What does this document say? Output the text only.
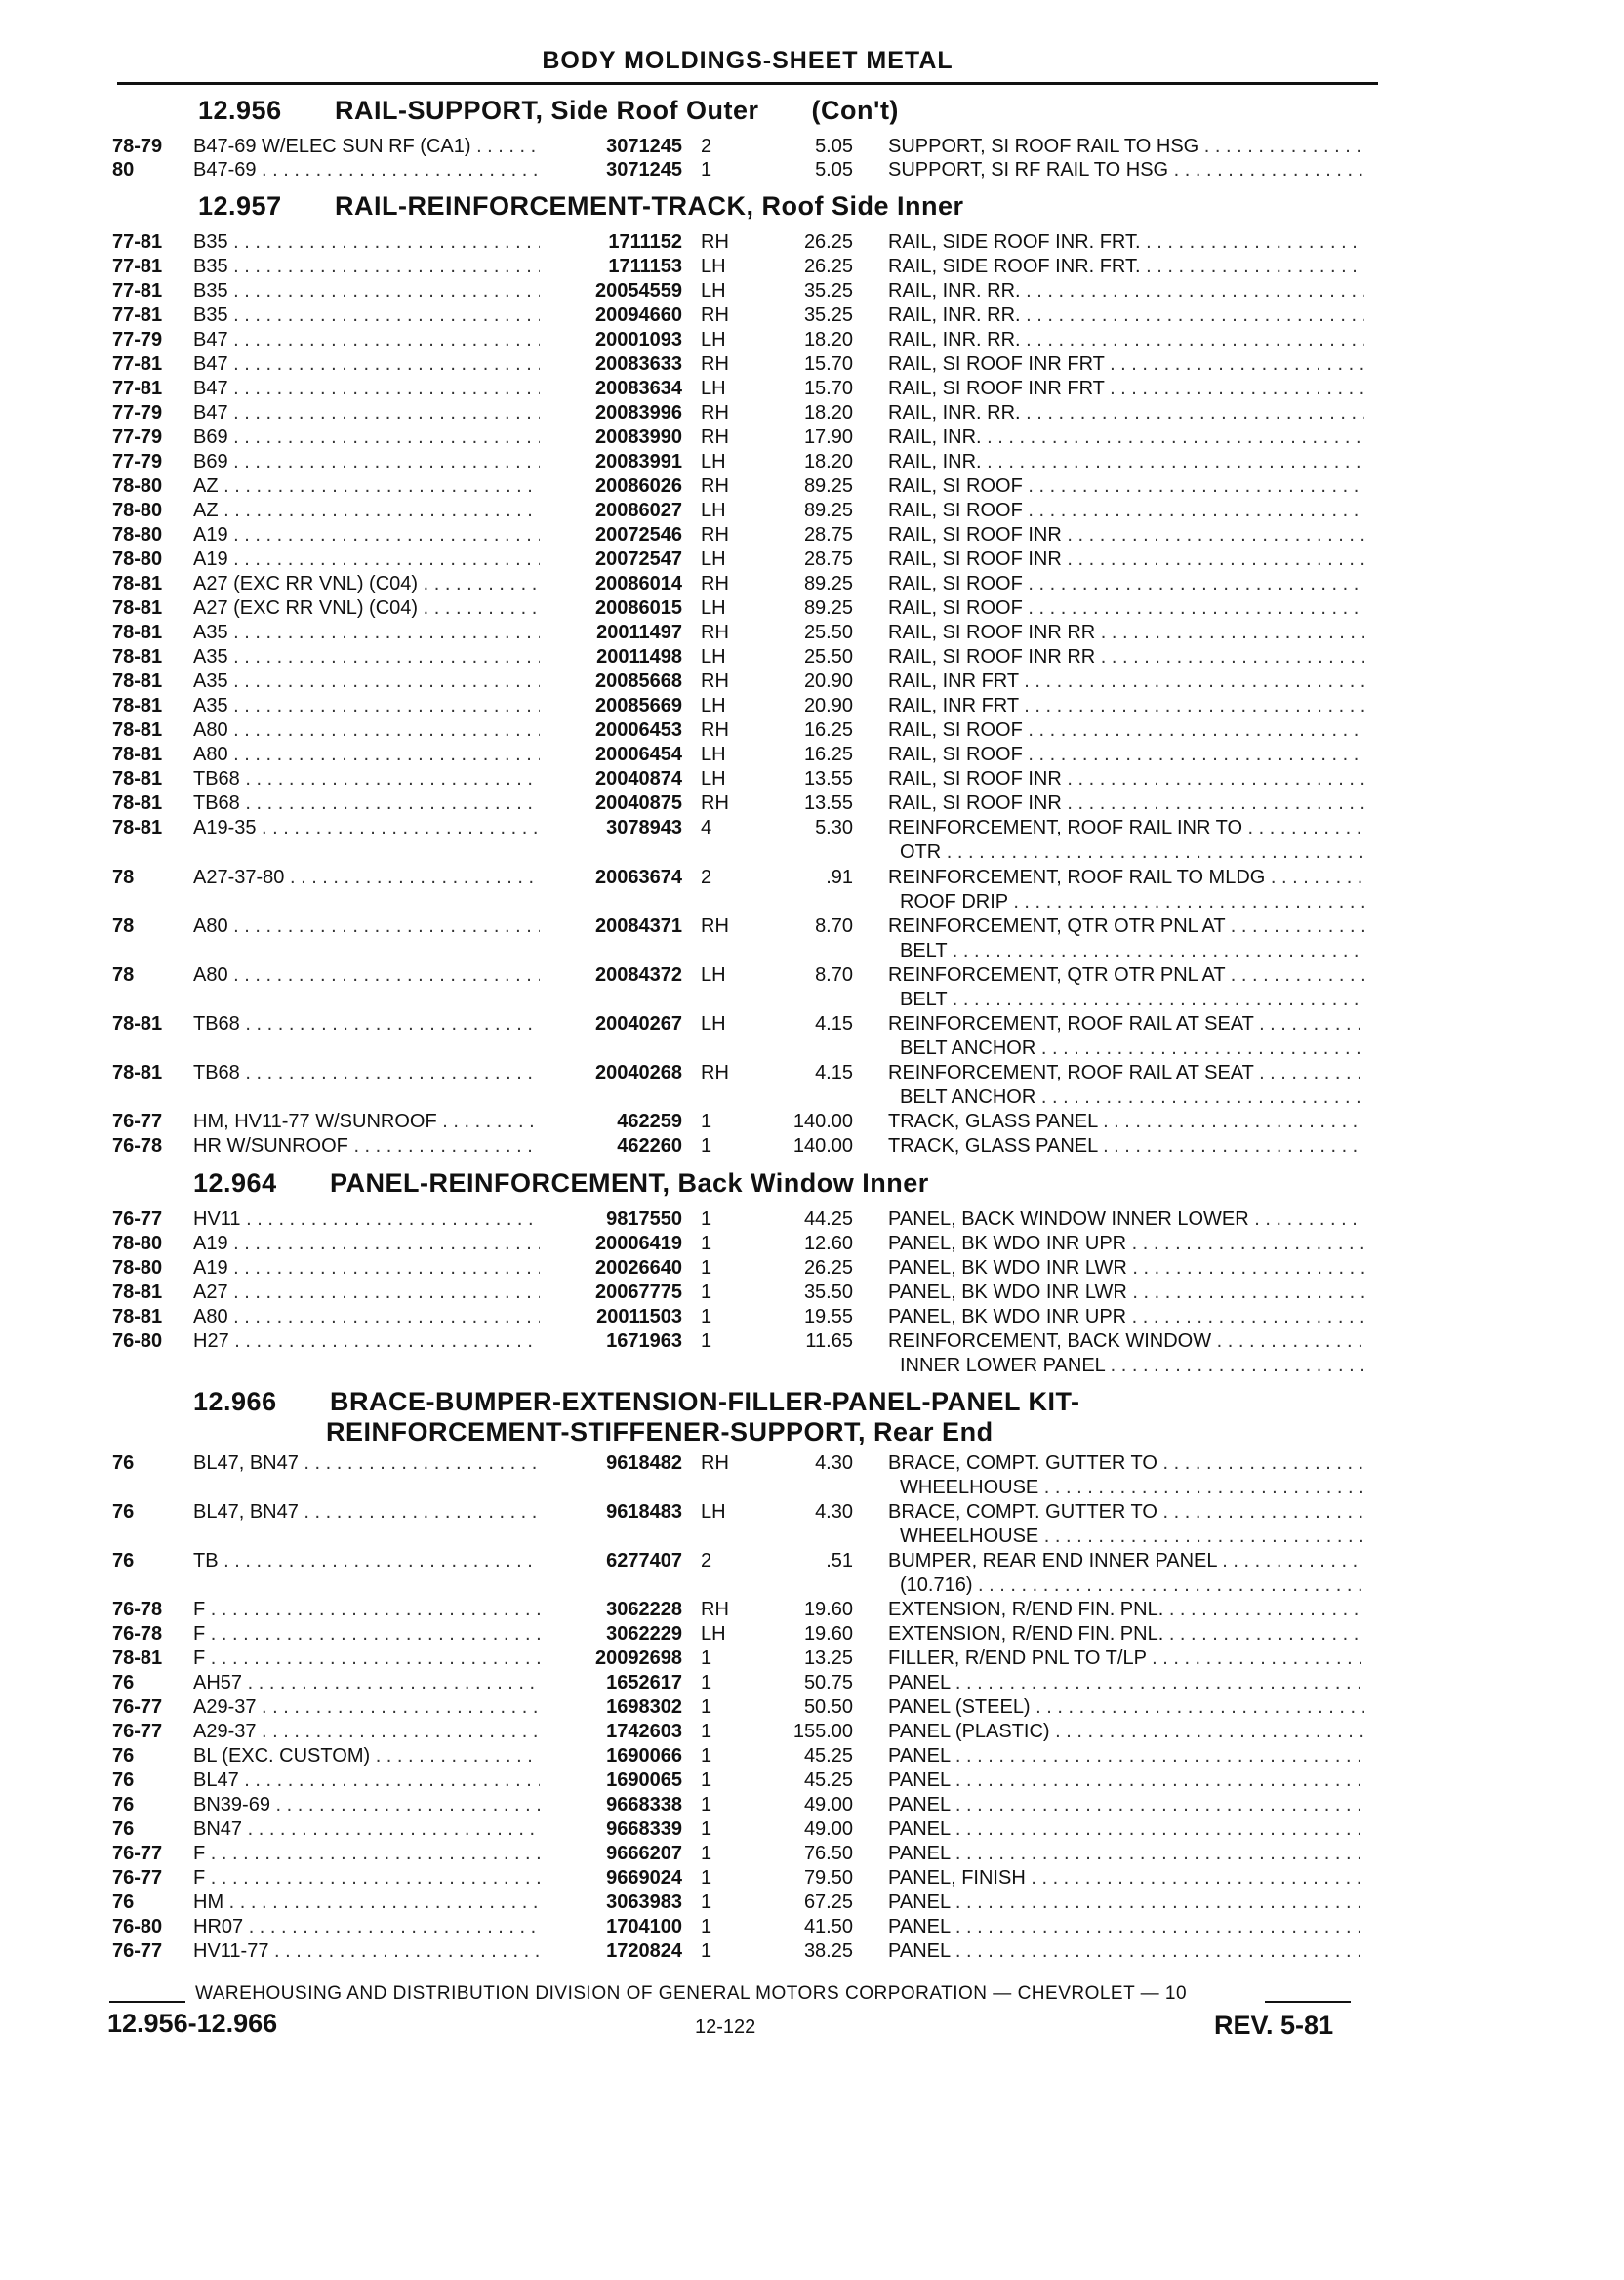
BODY MOLDINGS-SHEET METAL
12.956 RAIL-SUPPORT, Side Roof Outer (Con't)
12.957 RAIL-REINFORCEMENT-TRACK, Roof Side Inner
12.964 PANEL-REINFORCEMENT, Back Window Inner
12.966 BRACE-BUMPER-EXTENSION-FILLER-PANEL-PANEL KIT-
REINFORCEMENT-STIFFENER-SUPPORT, Rear End
78-79 B47-69 W/ELEC SUN RF (CA1) . . .	3071245 2	5.05 SUPPORT, SI ROOF RAIL TO HSG . . .
80	B47-69 . . .	3071245 1	5.05 SUPPORT, SI RF RAIL TO HSG . . .
77-81 B35 . . .	1711152 RH	26.25 RAIL, SIDE ROOF INR. FRT. . . .
77-81 B35 . . .	1711153 LH	26.25 RAIL, SIDE ROOF INR. FRT. . . .
77-81 B35 . . .	20054559 LH	35.25 RAIL, INR. RR. . . .
77-81 B35 . . .	20094660 RH	35.25 RAIL, INR. RR. . . .
77-79 B47 . . .	20001093 LH	18.20 RAIL, INR. RR. . . .
77-81 B47 . . .	20083633 RH	15.70 RAIL, SI ROOF INR FRT . . .
77-81 B47 . . .	20083634 LH	15.70 RAIL, SI ROOF INR FRT . . .
77-79 B47 . . .	20083996 RH	18.20 RAIL, INR. RR. . . .
77-79 B69 . . .	20083990 RH	17.90 RAIL, INR. . . .
77-79 B69 . . .	20083991 LH	18.20 RAIL, INR. . . .
78-80 AZ . . .	20086026 RH	89.25 RAIL, SI ROOF . . .
78-80 AZ . . .	20086027 LH	89.25 RAIL, SI ROOF . . .
78-80 A19 . . .	20072546 RH	28.75 RAIL, SI ROOF INR . . .
78-80 A19 . . .	20072547 LH	28.75 RAIL, SI ROOF INR . . .
78-81 A27 (EXC RR VNL) (C04) . . .	20086014 RH	89.25 RAIL, SI ROOF . . .
78-81 A27 (EXC RR VNL) (C04) . . .	20086015 LH	89.25 RAIL, SI ROOF . . .
78-81 A35 . . .	20011497 RH	25.50 RAIL, SI ROOF INR RR . . .
78-81 A35 . . .	20011498 LH	25.50 RAIL, SI ROOF INR RR . . .
78-81 A35 . . .	20085668 RH	20.90 RAIL, INR FRT . . .
78-81 A35 . . .	20085669 LH	20.90 RAIL, INR FRT . . .
78-81 A80 . . .	20006453 RH	16.25 RAIL, SI ROOF . . .
78-81 A80 . . .	20006454 LH	16.25 RAIL, SI ROOF . . .
78-81 TB68 . . .	20040874 LH	13.55 RAIL, SI ROOF INR . . .
78-81 TB68 . . .	20040875 RH	13.55 RAIL, SI ROOF INR . . .
78-81 A19-35 . . .	3078943 4	5.30 REINFORCEMENT, ROOF RAIL INR TO . . .
OTR . . .
78	A27-37-80 . . .	20063674 2	.91 REINFORCEMENT, ROOF RAIL TO MLDG . . .
ROOF DRIP . . .
78	A80 . . .	20084371 RH	8.70 REINFORCEMENT, QTR OTR PNL AT . . .
BELT . . .
78	A80 . . .	20084372 LH	8.70 REINFORCEMENT, QTR OTR PNL AT . . .
BELT . . .
78-81 TB68 . . .	20040267 LH	4.15 REINFORCEMENT, ROOF RAIL AT SEAT . . .
BELT ANCHOR . . .
78-81 TB68 . . .	20040268 RH	4.15 REINFORCEMENT, ROOF RAIL AT SEAT . . .
BELT ANCHOR . . .
76-77 HM, HV11-77 W/SUNROOF . . .	462259 1	140.00 TRACK, GLASS PANEL . . .
76-78 HR W/SUNROOF . . .	462260 1	140.00 TRACK, GLASS PANEL . . .
76-77 HV11 . . .	9817550 1	44.25 PANEL, BACK WINDOW INNER LOWER . . .
78-80 A19 . . .	20006419 1	12.60 PANEL, BK WDO INR UPR . . .
78-80 A19 . . .	20026640 1	26.25 PANEL, BK WDO INR LWR . . .
78-81 A27 . . .	20067775 1	35.50 PANEL, BK WDO INR LWR . . .
78-81 A80 . . .	20011503 1	19.55 PANEL, BK WDO INR UPR . . .
76-80 H27 . . .	1671963 1	11.65 REINFORCEMENT, BACK WINDOW . . .
INNER LOWER PANEL . . .
76	BL47, BN47 . . .	9618482 RH	4.30 BRACE, COMPT. GUTTER TO . . .
WHEELHOUSE . . .
76	BL47, BN47 . . .	9618483 LH	4.30 BRACE, COMPT. GUTTER TO . . .
WHEELHOUSE . . .
76	TB . . .	6277407 2	.51 BUMPER, REAR END INNER PANEL . . .
(10.716) . . .
76-78 F . . .	3062228 RH	19.60 EXTENSION, R/END FIN. PNL. . . .
76-78 F . . .	3062229 LH	19.60 EXTENSION, R/END FIN. PNL. . . .
78-81 F . . .	20092698 1	13.25 FILLER, R/END PNL TO T/LP . . .
76	AH57 . . .	1652617 1	50.75 PANEL . . .
76-77 A29-37 . . .	1698302 1	50.50 PANEL (STEEL) . . .
76-77 A29-37 . . .	1742603 1	155.00 PANEL (PLASTIC) . . .
76	BL (EXC. CUSTOM) . . .	1690066 1	45.25 PANEL . . .
76	BL47 . . .	1690065 1	45.25 PANEL . . .
76	BN39-69 . . .	9668338 1	49.00 PANEL . . .
76	BN47 . . .	9668339 1	49.00 PANEL . . .
76-77 F . . .	9666207 1	76.50 PANEL . . .
76-77 F . . .	9669024 1	79.50 PANEL, FINISH . . .
76	HM . . .	3063983 1	67.25 PANEL . . .
76-80 HR07 . . .	1704100 1	41.50 PANEL . . .
76-77 HV11-77 . . .	1720824 1	38.25 PANEL . . .
WAREHOUSING AND DISTRIBUTION DIVISION OF GENERAL MOTORS CORPORATION — CHEVROLET — 10
12.956-12.966	12-122	REV. 5-81
